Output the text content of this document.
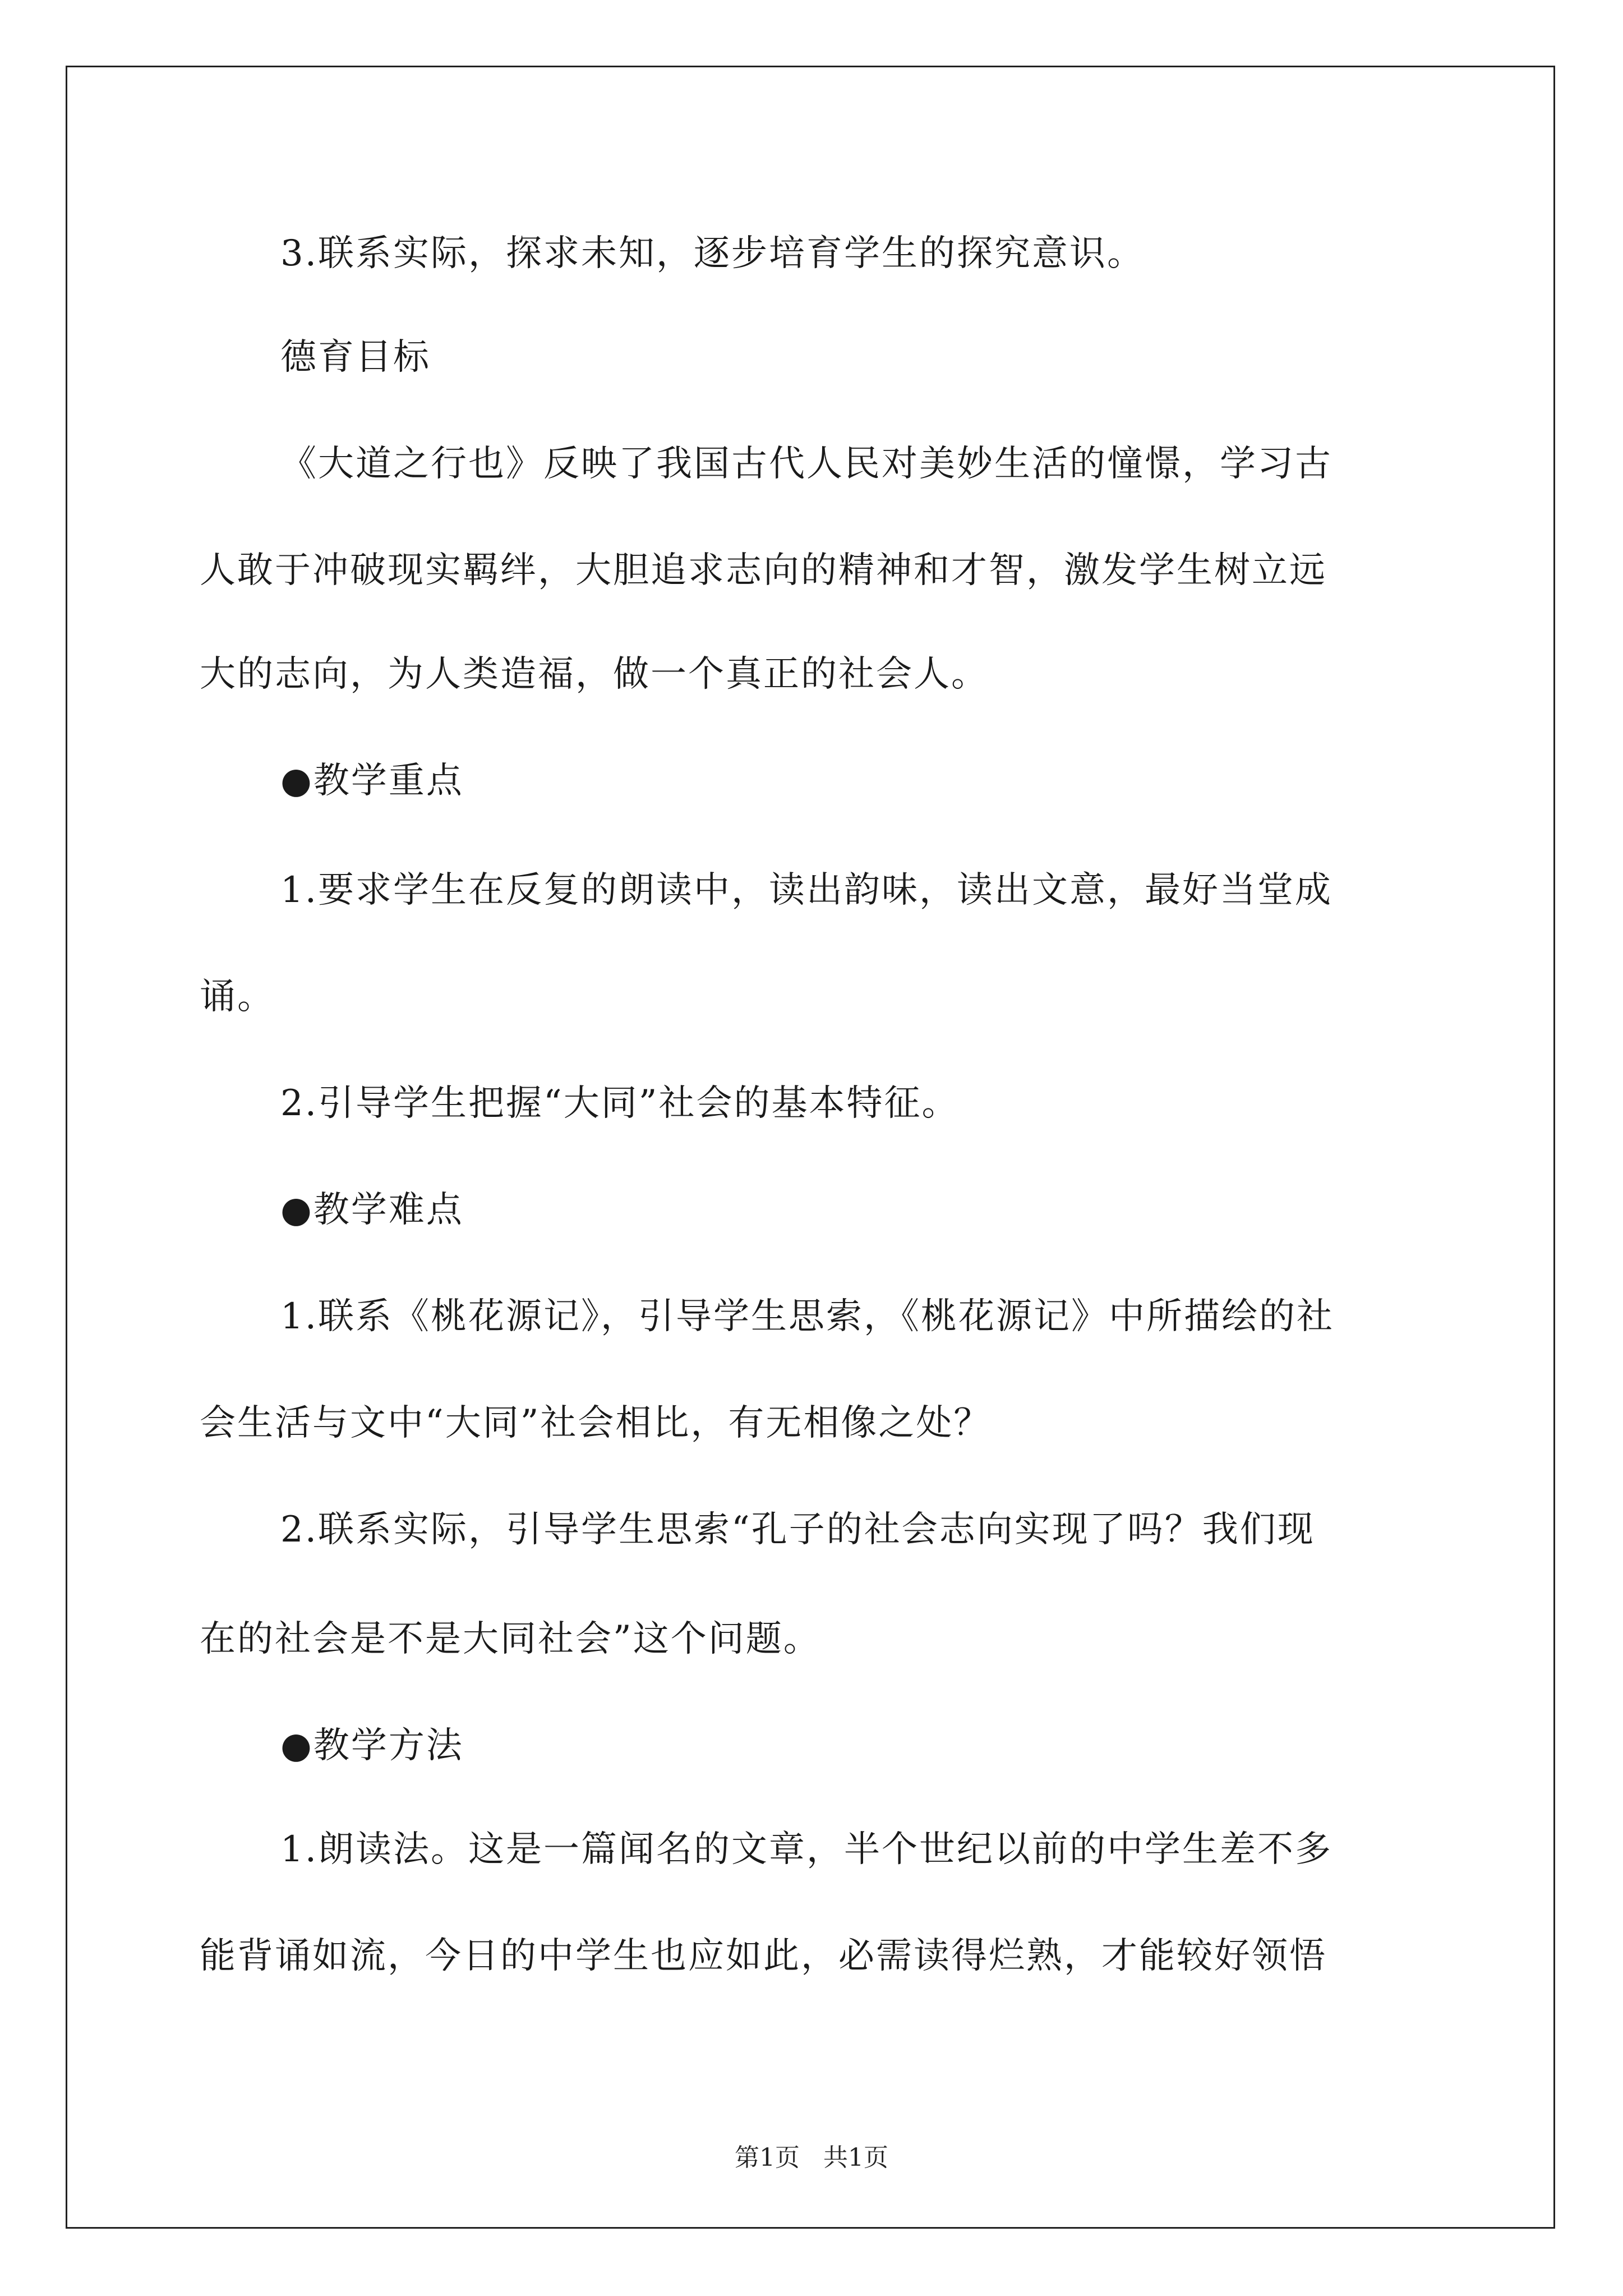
3.联系实际，探求未知，逐步培育学生的探究意识。
德育目标
《大道之行也》反映了我国古代人民对美妙生活的憧憬，学习古
人敢于冲破现实羁绊，大胆追求志向的精神和才智，激发学生树立远
大的志向，为人类造福，做一个真正的社会人。
●教学重点
1.要求学生在反复的朗读中，读出韵味，读出文意，最好当堂成
诵。
2.引导学生把握“大同”社会的基本特征。
●教学难点
1.联系《桃花源记》，引导学生思索，《桃花源记》中所描绘的社
会生活与文中“大同”社会相比，有无相像之处？
2.联系实际，引导学生思索“孔子的社会志向实现了吗？我们现
在的社会是不是大同社会”这个问题。
●教学方法
1.朗读法。这是一篇闻名的文章，半个世纪以前的中学生差不多
能背诵如流，今日的中学生也应如此，必需读得烂熟，才能较好领悟
第1页 共1页
